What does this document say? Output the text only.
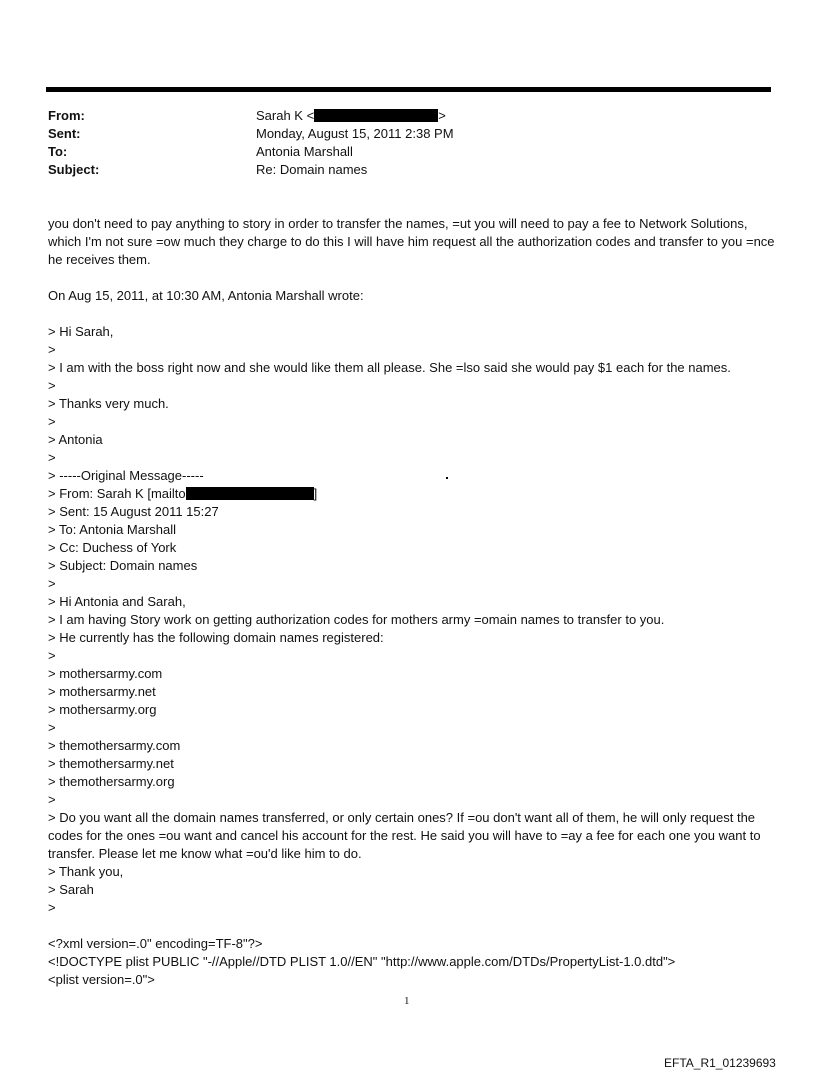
From:	Sarah K <	>
Sent:	Monday, August 15, 2011 2:38 PM
To:	Antonia Marshall
Subject:	Re: Domain names

you don't need to pay anything to story in order to transfer the names, =ut you will need to pay a fee to Network Solutions, which I'm not sure =ow much they charge to do this I will have him request all the authorization codes and transfer to you =nce he receives them.

On Aug 15, 2011, at 10:30 AM, Antonia Marshall wrote:
> Hi Sarah,
>
> I am with the boss right now and she would like them all please. She =lso said she would pay $1 each for the names.
>
> Thanks very much.
>
> Antonia
>
> -----Original Message-----
> From: Sarah K [mailto	]
> Sent: 15 August 2011 15:27
> To: Antonia Marshall
> Cc: Duchess of York
> Subject: Domain names
>
> Hi Antonia and Sarah,
> I am having Story work on getting authorization codes for mothers army =omain names to transfer to you.
> He currently has the following domain names registered:
>
> mothersarmy.com
> mothersarmy.net
> mothersarmy.org
>
> themothersarmy.com
> themothersarmy.net
> themothersarmy.org
>

> Do you want all the domain names transferred, or only certain ones? If =ou don't want all of them, he will only request the codes for the ones =ou want and cancel his account for the rest. He said you will have to =ay a fee for each one you want to transfer. Please let me know what =ou'd like him to do.

> Thank you,
> Sarah
>
<?xml version=.0" encoding=TF-8"?>
<!DOCTYPE plist PUBLIC "-//Apple//DTD PLIST 1.0//EN" "http://www.apple.com/DTDs/PropertyList-1.0.dtd">
<plist version=.0">
1
EFTA_R1_01239693
